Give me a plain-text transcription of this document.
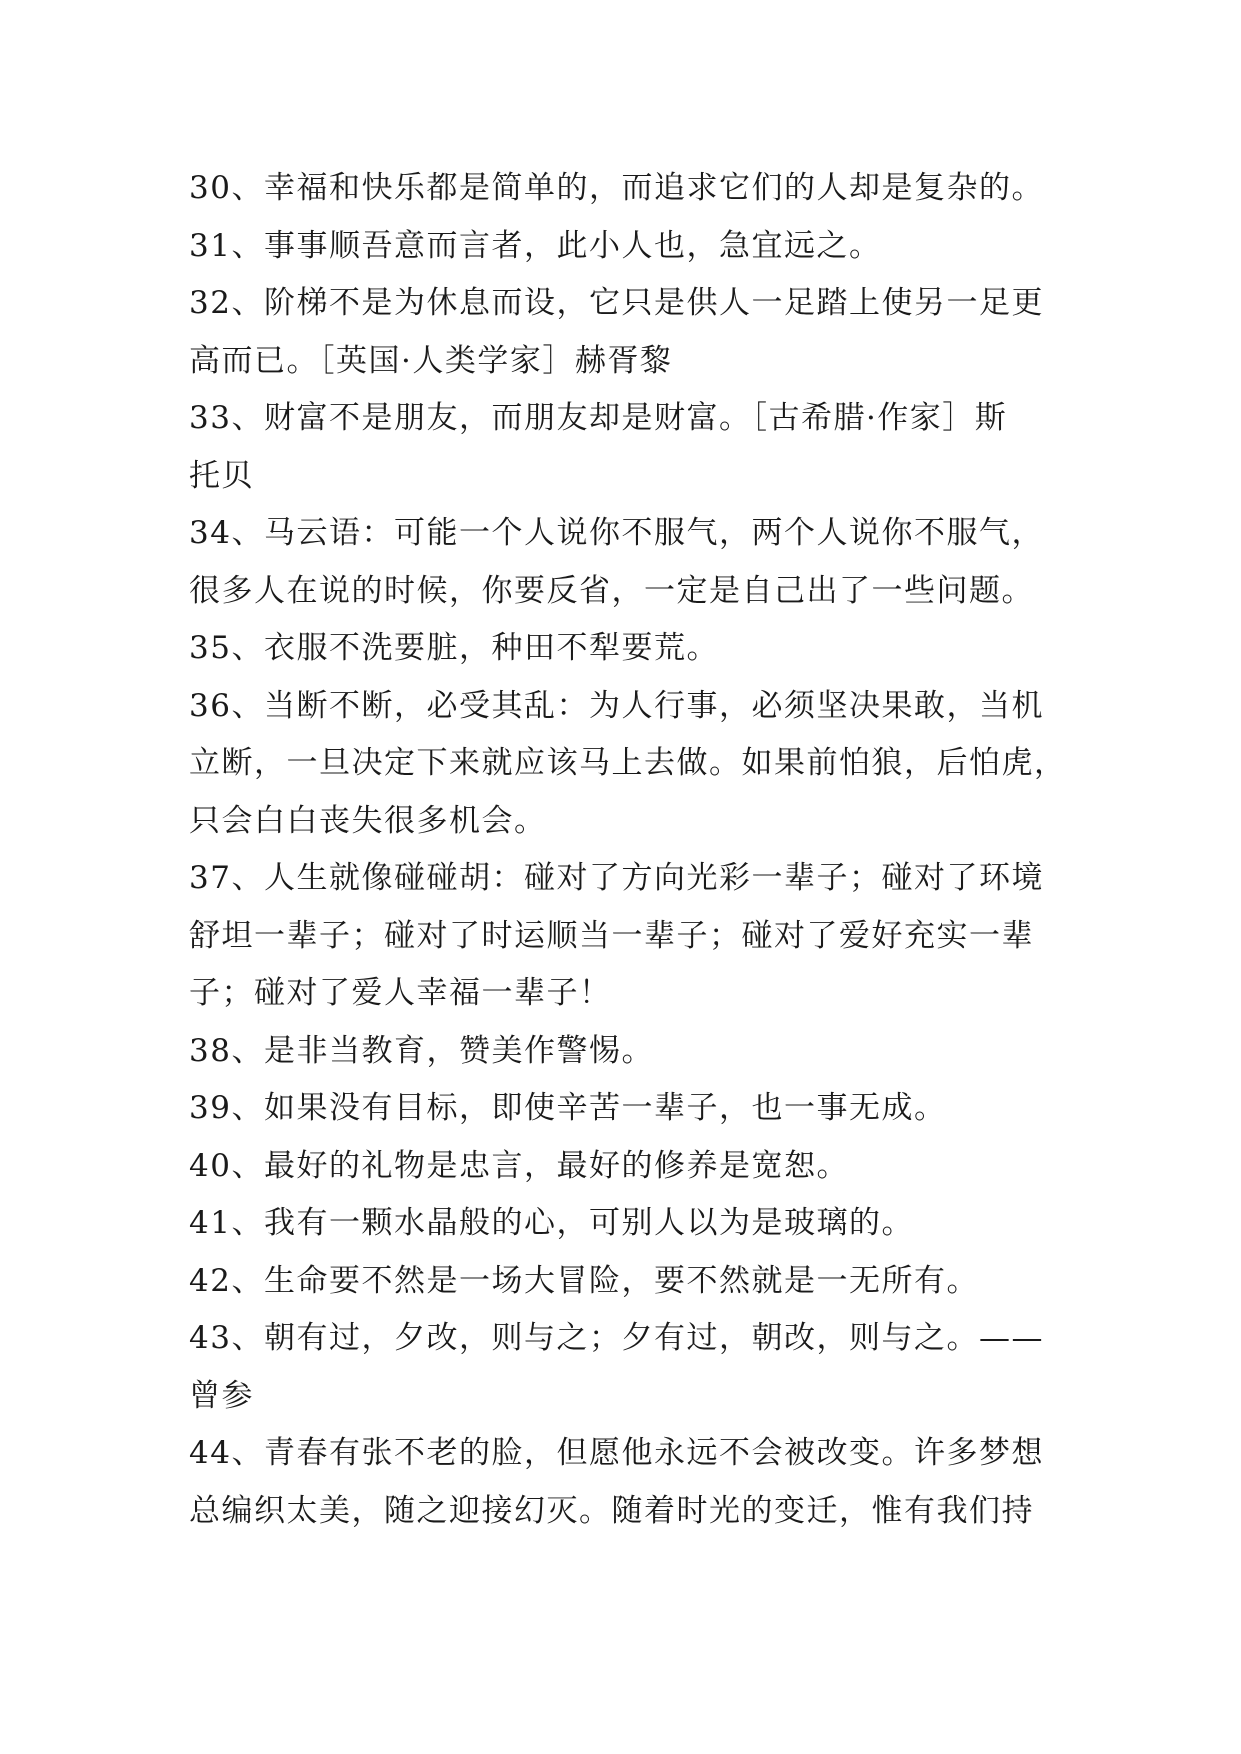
30、幸福和快乐都是简单的，而追求它们的人却是复杂的。
31、事事顺吾意而言者，此小人也，急宜远之。
32、阶梯不是为休息而设，它只是供人一足踏上使另一足更
高而已。［英国·人类学家］赫胥黎
33、财富不是朋友，而朋友却是财富。［古希腊·作家］斯
托贝
34、马云语：可能一个人说你不服气，两个人说你不服气，
很多人在说的时候，你要反省，一定是自己出了一些问题。
35、衣服不洗要脏，种田不犁要荒。
36、当断不断，必受其乱：为人行事，必须坚决果敢，当机
立断，一旦决定下来就应该马上去做。如果前怕狼，后怕虎，
只会白白丧失很多机会。
37、人生就像碰碰胡：碰对了方向光彩一辈子；碰对了环境
舒坦一辈子；碰对了时运顺当一辈子；碰对了爱好充实一辈
子；碰对了爱人幸福一辈子！
38、是非当教育，赞美作警惕。
39、如果没有目标，即使辛苦一辈子，也一事无成。
40、最好的礼物是忠言，最好的修养是宽恕。
41、我有一颗水晶般的心，可别人以为是玻璃的。
42、生命要不然是一场大冒险，要不然就是一无所有。
43、朝有过，夕改，则与之；夕有过，朝改，则与之。——
曾参
44、青春有张不老的脸，但愿他永远不会被改变。许多梦想
总编织太美，随之迎接幻灭。随着时光的变迁，惟有我们持
